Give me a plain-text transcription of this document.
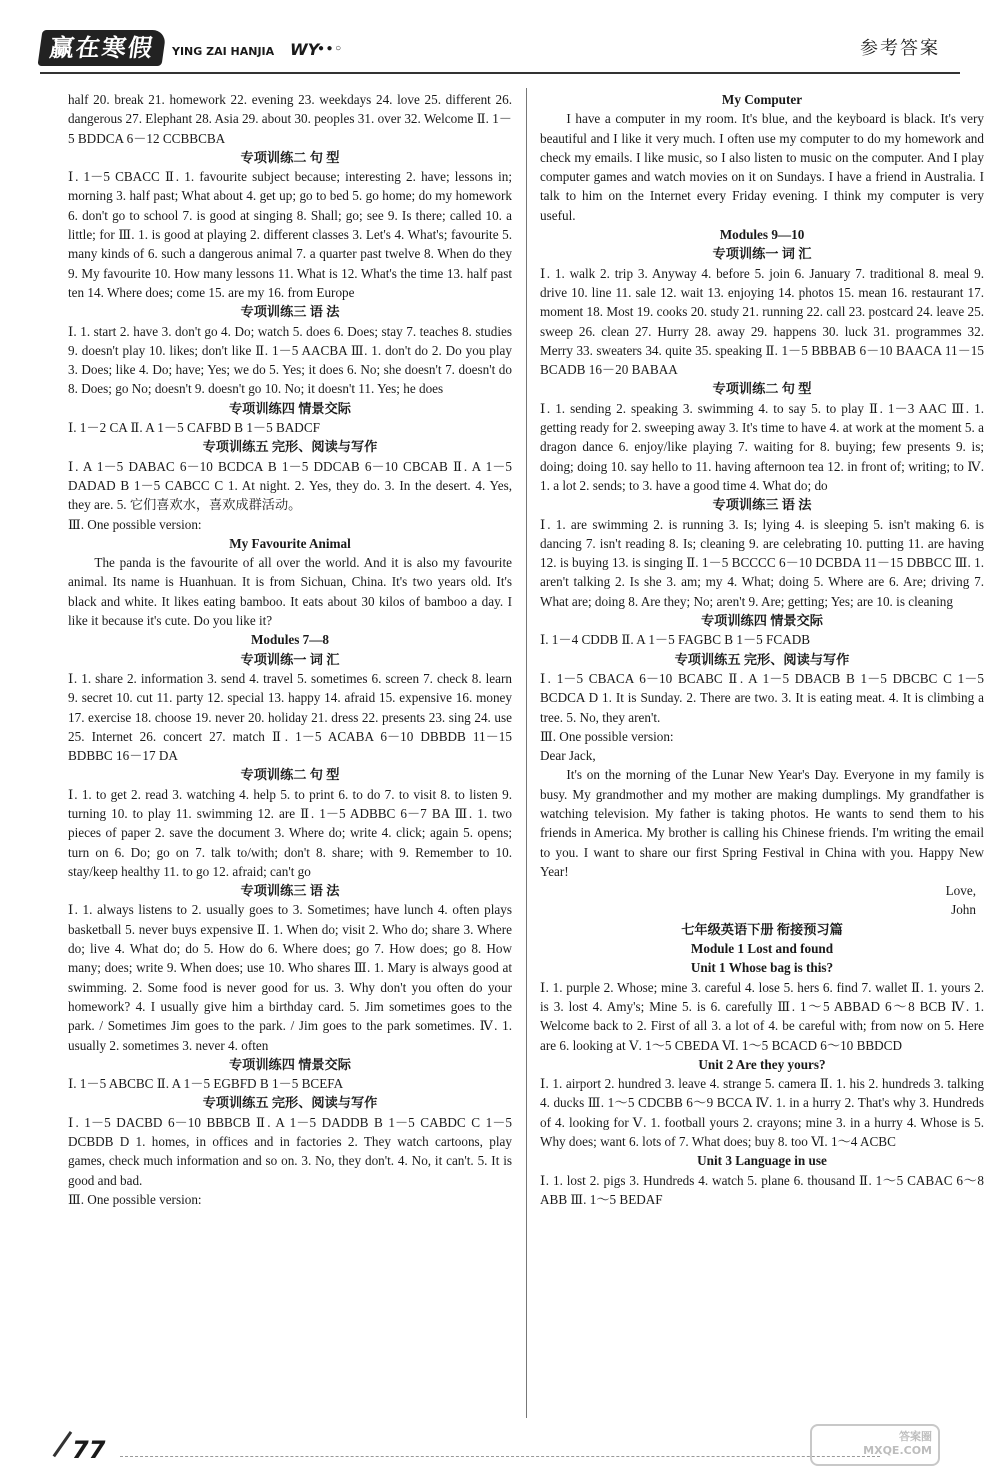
赢在寒假	YING ZAI HANJIA WY
● ● ○	参考答案

half 20. break 21. homework 22. evening 23. weekdays 24. love 25. different 26. dangerous 27. Elephant 28. Asia 29. about 30. peoples 31. over 32. Welcome Ⅱ. 1－5 BDDCA 6－12 CCBBCBA

专项训练二 句 型

Ⅰ. 1－5 CBACC Ⅱ. 1. favourite subject because; interesting 2. have; lessons in; morning 3. half past; What about 4. get up; go to bed 5. go home; do my homework 6. don't go to school 7. is good at singing 8. Shall; go; see 9. Is there; called 10. a little; for Ⅲ. 1. is good at playing 2. different classes 3. Let's 4. What's; favourite 5. many kinds of 6. such a dangerous animal 7. a quarter past twelve 8. When do they 9. My favourite 10. How many lessons 11. What is 12. What's the time 13. half past ten 14. Where does; come 15. are my 16. from Europe

专项训练三 语 法

Ⅰ. 1. start 2. have 3. don't go 4. Do; watch 5. does 6. Does; stay 7. teaches 8. studies 9. doesn't play 10. likes; don't like Ⅱ. 1－5 AACBA Ⅲ. 1. don't do 2. Do you play 3. Does; like 4. Do; have; Yes; we do 5. Yes; it does 6. No; she doesn't 7. doesn't do 8. Does; go No; doesn't 9. doesn't go 10. No; it doesn't 11. Yes; he does

专项训练四 情景交际

Ⅰ. 1－2 CA Ⅱ. A 1－5 CAFBD B 1－5 BADCF

专项训练五 完形、阅读与写作

Ⅰ. A 1－5 DABAC 6－10 BCDCA B 1－5 DDCAB 6－10 CBCAB Ⅱ. A 1－5 DADAD B 1－5 CABCC C 1. At night. 2. Yes, they do. 3. In the desert. 4. Yes, they are. 5. 它们喜欢水，喜欢成群活动。

Ⅲ. One possible version:

My Favourite Animal

The panda is the favourite of all over the world. And it is also my favourite animal. Its name is Huanhuan. It is from Sichuan, China. It's two years old. It's black and white. It likes eating bamboo. It eats about 30 kilos of bamboo a day. I like it because it's cute. Do you like it?

Modules 7—8

专项训练一 词 汇

Ⅰ. 1. share 2. information 3. send 4. travel 5. sometimes 6. screen 7. check 8. learn 9. secret 10. cut 11. party 12. special 13. happy 14. afraid 15. expensive 16. money 17. exercise 18. choose 19. never 20. holiday 21. dress 22. presents 23. sing 24. use 25. Internet 26. concert 27. match Ⅱ. 1－5 ACABA 6－10 DBBDB 11－15 BDBBC 16－17 DA

专项训练二 句 型

Ⅰ. 1. to get 2. read 3. watching 4. help 5. to print 6. to do 7. to visit 8. to listen 9. turning 10. to play 11. swimming 12. are Ⅱ. 1－5 ADBBC 6－7 BA Ⅲ. 1. two pieces of paper 2. save the document 3. Where do; write 4. click; again 5. opens; turn on 6. Do; go on 7. talk to/with; don't 8. share; with 9. Remember to 10. stay/keep healthy 11. to go 12. afraid; can't go

专项训练三 语 法

Ⅰ. 1. always listens to 2. usually goes to 3. Sometimes; have lunch 4. often plays basketball 5. never buys expensive Ⅱ. 1. When do; visit 2. Who do; share 3. Where do; live 4. What do; do 5. How do 6. Where does; go 7. How does; go 8. How many; does; write 9. When does; use 10. Who shares Ⅲ. 1. Mary is always good at swimming. 2. Some food is never good for us. 3. Why don't you often do your homework? 4. I usually give him a birthday card. 5. Jim sometimes goes to the park. / Sometimes Jim goes to the park. / Jim goes to the park sometimes. Ⅳ. 1. usually 2. sometimes 3. never 4. often

专项训练四 情景交际

Ⅰ. 1－5 ABCBC Ⅱ. A 1－5 EGBFD B 1－5 BCEFA

专项训练五 完形、阅读与写作

Ⅰ. 1－5 DACBD 6－10 BBBCB Ⅱ. A 1－5 DADDB B 1－5 CABDC C 1－5 DCBDB D 1. homes, in offices and in factories 2. They watch cartoons, play games, check much information and so on. 3. No, they don't. 4. No, it can't. 5. It is good and bad.

Ⅲ. One possible version:

My Computer

I have a computer in my room. It's blue, and the keyboard is black. It's very beautiful and I like it very much. I often use my computer to do my homework and check my emails. I like music, so I also listen to music on the computer. And I play computer games and watch movies on it on Sundays. I have a friend in Australia. I talk to him on the Internet every Friday evening. I think my computer is very useful.

Modules 9—10

专项训练一 词 汇

Ⅰ. 1. walk 2. trip 3. Anyway 4. before 5. join 6. January 7. traditional 8. meal 9. drive 10. line 11. sale 12. wait 13. enjoying 14. photos 15. mean 16. restaurant 17. moment 18. Most 19. cooks 20. study 21. running 22. call 23. postcard 24. leave 25. sweep 26. clean 27. Hurry 28. away 29. happens 30. luck 31. programmes 32. Merry 33. sweaters 34. quite 35. speaking Ⅱ. 1－5 BBBAB 6－10 BAACA 11－15 BCADB 16－20 BABAA

专项训练二 句 型

Ⅰ. 1. sending 2. speaking 3. swimming 4. to say 5. to play Ⅱ. 1－3 AAC Ⅲ. 1. getting ready for 2. sweeping away 3. It's time to have 4. at work at the moment 5. a dragon dance 6. enjoy/like playing 7. waiting for 8. buying; few presents 9. is; doing; doing 10. say hello to 11. having afternoon tea 12. in front of; writing; to Ⅳ. 1. a lot 2. sends; to 3. have a good time 4. What do; do

专项训练三 语 法

Ⅰ. 1. are swimming 2. is running 3. Is; lying 4. is sleeping 5. isn't making 6. is dancing 7. isn't reading 8. Is; cleaning 9. are celebrating 10. putting 11. are having 12. is buying 13. is singing Ⅱ. 1－5 BCCCC 6－10 DCBDA 11－15 DBBCC Ⅲ. 1. aren't talking 2. Is she 3. am; my 4. What; doing 5. Where are 6. Are; driving 7. What are; doing 8. Are they; No; aren't 9. Are; getting; Yes; are 10. is cleaning

专项训练四 情景交际

Ⅰ. 1－4 CDDB Ⅱ. A 1－5 FAGBC B 1－5 FCADB

专项训练五 完形、阅读与写作

Ⅰ. 1－5 CBACA 6－10 BCABC Ⅱ. A 1－5 DBACB B 1－5 DBCBC C 1－5 BCDCA D 1. It is Sunday. 2. There are two. 3. It is eating meat. 4. It is climbing a tree. 5. No, they aren't.

Ⅲ. One possible version:

Dear Jack,

It's on the morning of the Lunar New Year's Day. Everyone in my family is busy. My grandmother and my mother are making dumplings. My grandfather is watching television. My father is taking photos. He wants to send them to his friends in America. My brother is calling his Chinese friends. I'm writing the email to you. I want to share our first Spring Festival in China with you. Happy New Year!

Love,

John

七年级英语下册 衔接预习篇

Module 1 Lost and found

Unit 1 Whose bag is this?

Ⅰ. 1. purple 2. Whose; mine 3. careful 4. lose 5. hers 6. find 7. wallet Ⅱ. 1. yours 2. is 3. lost 4. Amy's; Mine 5. is 6. carefully Ⅲ. 1～5 ABBAD 6～8 BCB Ⅳ. 1. Welcome back to 2. First of all 3. a lot of 4. be careful with; from now on 5. Here are 6. looking at Ⅴ. 1～5 CBEDA Ⅵ. 1～5 BCACD 6～10 BBDCD

Unit 2 Are they yours?

Ⅰ. 1. airport 2. hundred 3. leave 4. strange 5. camera Ⅱ. 1. his 2. hundreds 3. talking 4. ducks Ⅲ. 1～5 CDCBB 6～9 BCCA Ⅳ. 1. in a hurry 2. That's why 3. Hundreds of 4. looking for Ⅴ. 1. football yours 2. crayons; mine 3. in a hurry 4. Whose is 5. Why does; want 6. lots of 7. What does; buy 8. too Ⅵ. 1～4 ACBC

Unit 3 Language in use

Ⅰ. 1. lost 2. pigs 3. Hundreds 4. watch 5. plane 6. thousand Ⅱ. 1～5 CABAC 6～8 ABB Ⅲ. 1～5 BEDAF

77	答案圈
MXQE.COM
